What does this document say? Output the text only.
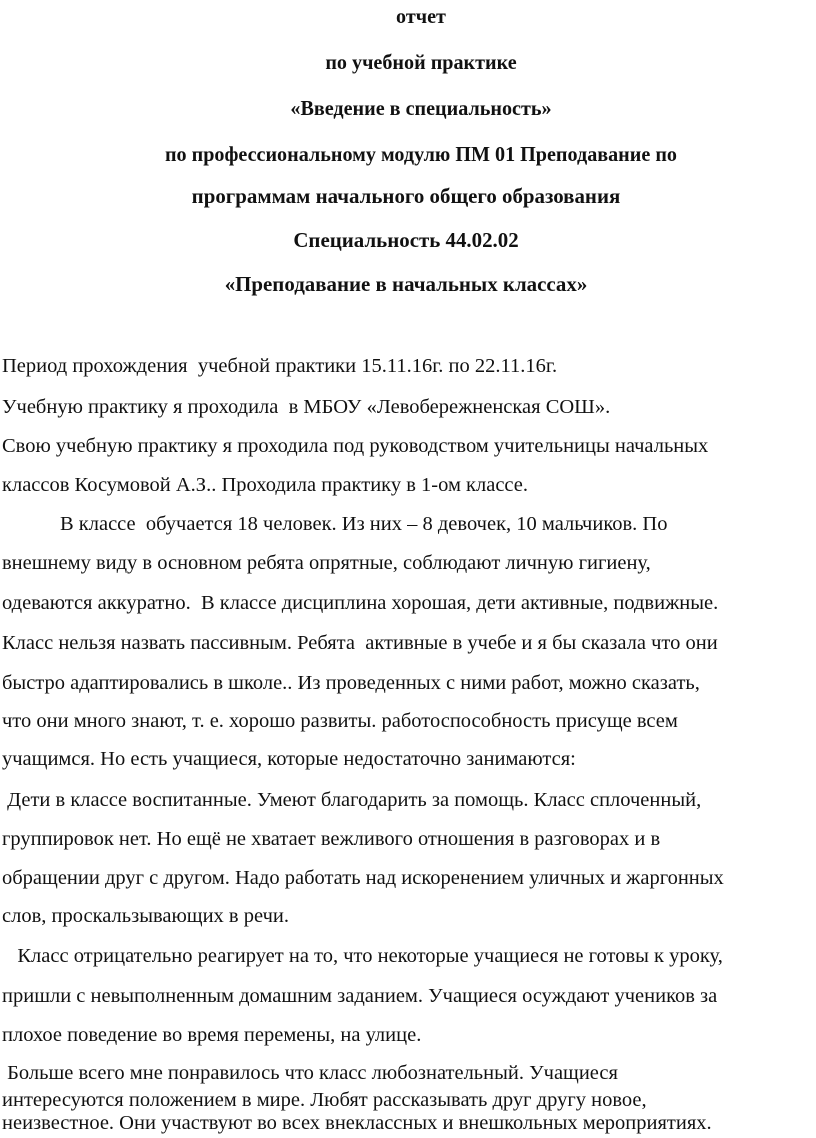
отчет
по учебной практике
«Введение в специальность»
по профессиональному модулю ПМ 01 Преподавание по
программам начального общего образования
Специальность 44.02.02
«Преподавание в начальных классах»
Период прохождения  учебной практики 15.11.16г. по 22.11.16г.
Учебную практику я проходила  в МБОУ «Левобережненская СОШ».
Свою учебную практику я проходила под руководством учительницы начальных
классов Косумовой А.З.. Проходила практику в 1-ом классе.
В классе  обучается 18 человек. Из них – 8 девочек, 10 мальчиков. По
внешнему виду в основном ребята опрятные, соблюдают личную гигиену,
одеваются аккуратно.  В классе дисциплина хорошая, дети активные, подвижные.
Класс нельзя назвать пассивным. Ребята  активные в учебе и я бы сказала что они
быстро адаптировались в школе.. Из проведенных с ними работ, можно сказать,
что они много знают, т. е. хорошо развиты. работоспособность присуще всем
учащимся. Но есть учащиеся, которые недостаточно занимаются:
Дети в классе воспитанные. Умеют благодарить за помощь. Класс сплоченный,
группировок нет. Но ещё не хватает вежливого отношения в разговорах и в
обращении друг с другом. Надо работать над искоренением уличных и жаргонных
слов, проскальзывающих в речи.
Класс отрицательно реагирует на то, что некоторые учащиеся не готовы к уроку,
пришли с невыполненным домашним заданием. Учащиеся осуждают учеников за
плохое поведение во время перемены, на улице.
Больше всего мне понравилось что класс любознательный. Учащиеся
интересуются положением в мире. Любят рассказывать друг другу новое,
неизвестное. Они участвуют во всех внеклассных и внешкольных мероприятиях.
